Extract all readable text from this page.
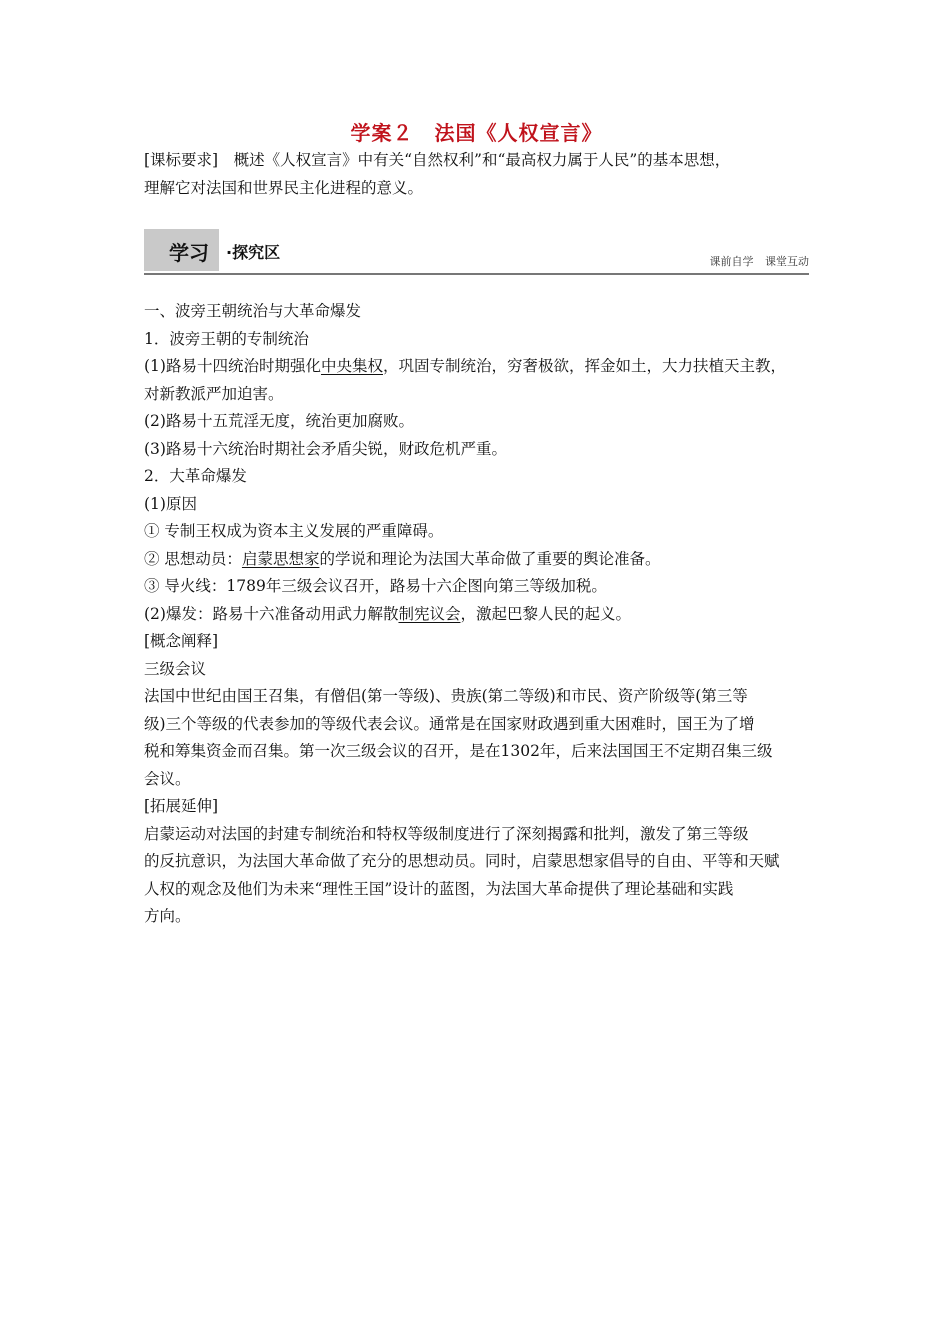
学案２　法国《人权宣言》

[课标要求]　概述《人权宣言》中有关“自然权利”和“最高权力属于人民”的基本思想，

理解它对法国和世界民主化进程的意义。

学习 ·探究区	课前自学 课堂互动

一、波旁王朝统治与大革命爆发

1．波旁王朝的专制统治

(1)路易十四统治时期强化中央集权，巩固专制统治，穷奢极欲，挥金如土，大力扶植天主教，

对新教派严加迫害。

(2)路易十五荒淫无度，统治更加腐败。

(3)路易十六统治时期社会矛盾尖锐，财政危机严重。

2．大革命爆发

(1)原因

① 专制王权成为资本主义发展的严重障碍。

② 思想动员：启蒙思想家的学说和理论为法国大革命做了重要的舆论准备。

③ 导火线：1789年三级会议召开，路易十六企图向第三等级加税。

(2)爆发：路易十六准备动用武力解散制宪议会，激起巴黎人民的起义。

[概念阐释]

三级会议

法国中世纪由国王召集，有僧侣(第一等级)、贵族(第二等级)和市民、资产阶级等(第三等

级)三个等级的代表参加的等级代表会议。通常是在国家财政遇到重大困难时，国王为了增

税和筹集资金而召集。第一次三级会议的召开，是在1302年，后来法国国王不定期召集三级

会议。

[拓展延伸]

启蒙运动对法国的封建专制统治和特权等级制度进行了深刻揭露和批判，激发了第三等级

的反抗意识，为法国大革命做了充分的思想动员。同时，启蒙思想家倡导的自由、平等和天赋

人权的观念及他们为未来“理性王国”设计的蓝图，为法国大革命提供了理论基础和实践

方向。
